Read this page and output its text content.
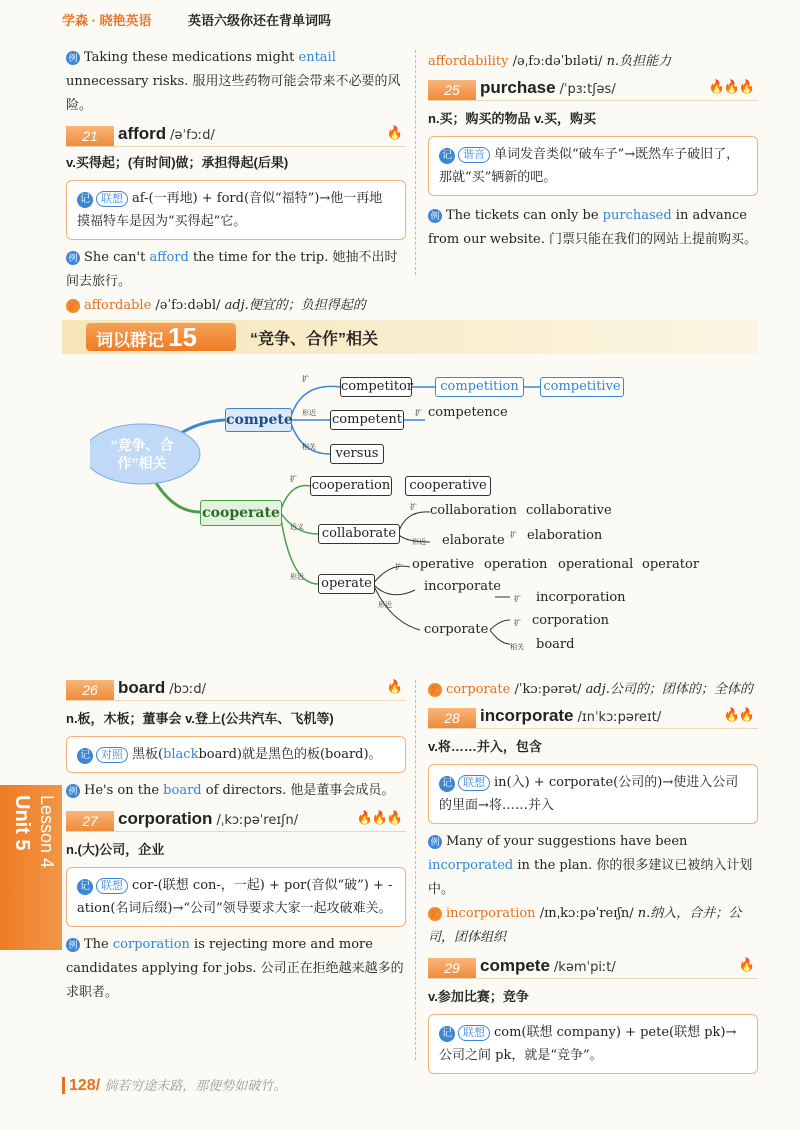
学森 · 晓艳英语	英语六级你还在背单词吗
例 Taking these medications might entail unnecessary risks. 服用这些药物可能会带来不必要的风险。
21	afford /əˈfɔːd/	🔥
v.买得起；(有时间)做；承担得起(后果)
记 联想 af-(一再地) + ford(音似“福特”)→他一再地摸福特车是因为“买得起”它。
例 She can't afford the time for the trip. 她抽不出时间去旅行。
扩 affordable /əˈfɔːdəbl/ adj.便宜的；负担得起的
affordability /əˌfɔːdəˈbɪləti/ n.负担能力
25	purchase /ˈpɜːtʃəs/	🔥🔥🔥
n.买；购买的物品 v.买，购买
记 谐音 单词发音类似“破车子”→既然车子破旧了，那就“买”辆新的吧。
例 The tickets can only be purchased in advance from our website. 门票只能在我们的网站上提前购买。
词以群记 15	“竞争、合作”相关
“竞争、合作”相关
compete
cooperate
扩
形近
相关
competitor	competition	competitive
competent 扩 competence
versus
扩 cooperation	cooperative
近义 collaborate
扩 collaboration collaborative
形近 elaborate 扩 elaboration
形近 operate
扩 operative operation operational operator
incorporate
形近
扩 incorporation
corporate	扩 corporation
相关 board
26	board /bɔːd/	🔥
n.板，木板；董事会 v.登上(公共汽车、飞机等)
记 对照 黑板(blackboard)就是黑色的板(board)。
例 He's on the board of directors. 他是董事会成员。
27	corporation /ˌkɔːpəˈreɪʃn/	🔥🔥🔥
n.(大)公司，企业
记 联想 cor-(联想 con-，一起) + por(音似“破”) + -ation(名词后缀)→“公司”领导要求大家一起攻破难关。
例 The corporation is rejecting more and more candidates applying for jobs. 公司正在拒绝越来越多的求职者。
扩 corporate /ˈkɔːpərət/ adj.公司的；团体的；全体的
28	incorporate /ɪnˈkɔːpəreɪt/	🔥🔥
v.将……并入，包含
记 联想 in(入) + corporate(公司的)→使进入公司的里面→将……并入
例 Many of your suggestions have been incorporated in the plan. 你的很多建议已被纳入计划中。
扩 incorporation /ɪnˌkɔːpəˈreɪʃn/ n.纳入，合并；公司，团体组织
29	compete /kəmˈpiːt/	🔥
v.参加比赛；竞争
记 联想 com(联想 company) + pete(联想 pk)→公司之间 pk，就是“竞争”。
Unit 5 Lesson 4
128/ 倘若穷途末路，那便势如破竹。
